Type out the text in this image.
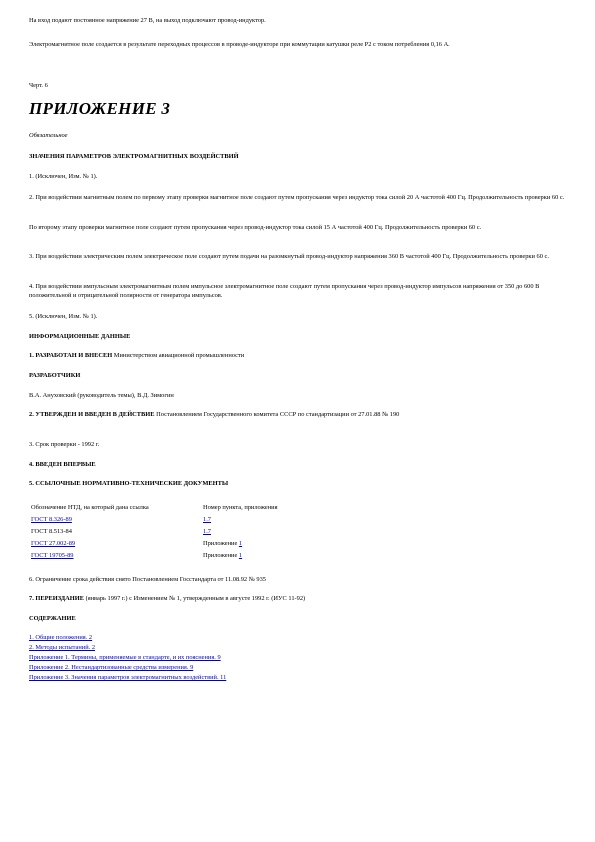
На вход подают постоянное напряжение 27 В, на выход подключают провод-индуктор.

Электромагнитное поле создается в результате переходных процессов в проводе-индукторе при коммутации катушки реле Р2 с током потребления 0,16 А.

Черт. 6

ПРИЛОЖЕНИЕ 3

Обязательное

ЗНАЧЕНИЯ ПАРАМЕТРОВ ЭЛЕКТРОМАГНИТНЫХ ВОЗДЕЙСТВИЙ

1. (Исключен, Изм. № 1).

2. При воздействии магнитным полем по первому этапу проверки магнитное поле создают путем пропускания через индуктор тока силой 20 А частотой 400 Гц. Продолжительность проверки 60 с.

По второму этапу проверки магнитное поле создают путем пропускания через провод-индуктор тока силой 15 А частотой 400 Гц. Продолжительность проверки 60 с.

3. При воздействии электрическим полем электрическое поле создают путем подачи на разомкнутый провод-индуктор напряжения 360 В частотой 400 Гц. Продолжительность проверки 60 с.

4. При воздействии импульсным электромагнитным полем импульсное электромагнитное поле создают путем пропускания через провод-индуктор импульсов напряжения от 350 до 600 В положительной и отрицательной полярности от генератора импульсов.

5. (Исключен, Изм. № 1).

ИНФОРМАЦИОННЫЕ ДАННЫЕ

1. РАЗРАБОТАН И ВНЕСЕН Министерством авиационной промышленности

РАЗРАБОТЧИКИ

В.А. Ануховский (руководитель темы), В.Д. Зимогин

2. УТВЕРЖДЕН И ВВЕДЕН В ДЕЙСТВИЕ Постановлением Государственного комитета СССР по стандартизации от 27.01.88 № 190

3. Срок проверки - 1992 г.

4. ВВЕДЕН ВПЕРВЫЕ

5. ССЫЛОЧНЫЕ НОРМАТИВНО-ТЕХНИЧЕСКИЕ ДОКУМЕНТЫ

Обозначение НТД, на который дана ссылка	Номер пункта, приложения
ГОСТ 8.326-89	1.7
ГОСТ 8.513-84	1.7
ГОСТ 27.002-89	Приложение 1
ГОСТ 19705-89	Приложение 1

6. Ограничение срока действия снято Постановлением Госстандарта от 11.08.92 № 935

7. ПЕРЕИЗДАНИЕ (январь 1997 г.) с Изменением № 1, утвержденным в августе 1992 г. (ИУС 11-92)

СОДЕРЖАНИЕ

1. Общие положения. 2
2. Методы испытаний. 2
Приложение 1. Термины, применяемые в стандарте, и их пояснения. 9
Приложение 2. Нестандартизованные средства измерения. 9
Приложение 3. Значения параметров электромагнитных воздействий. 11
